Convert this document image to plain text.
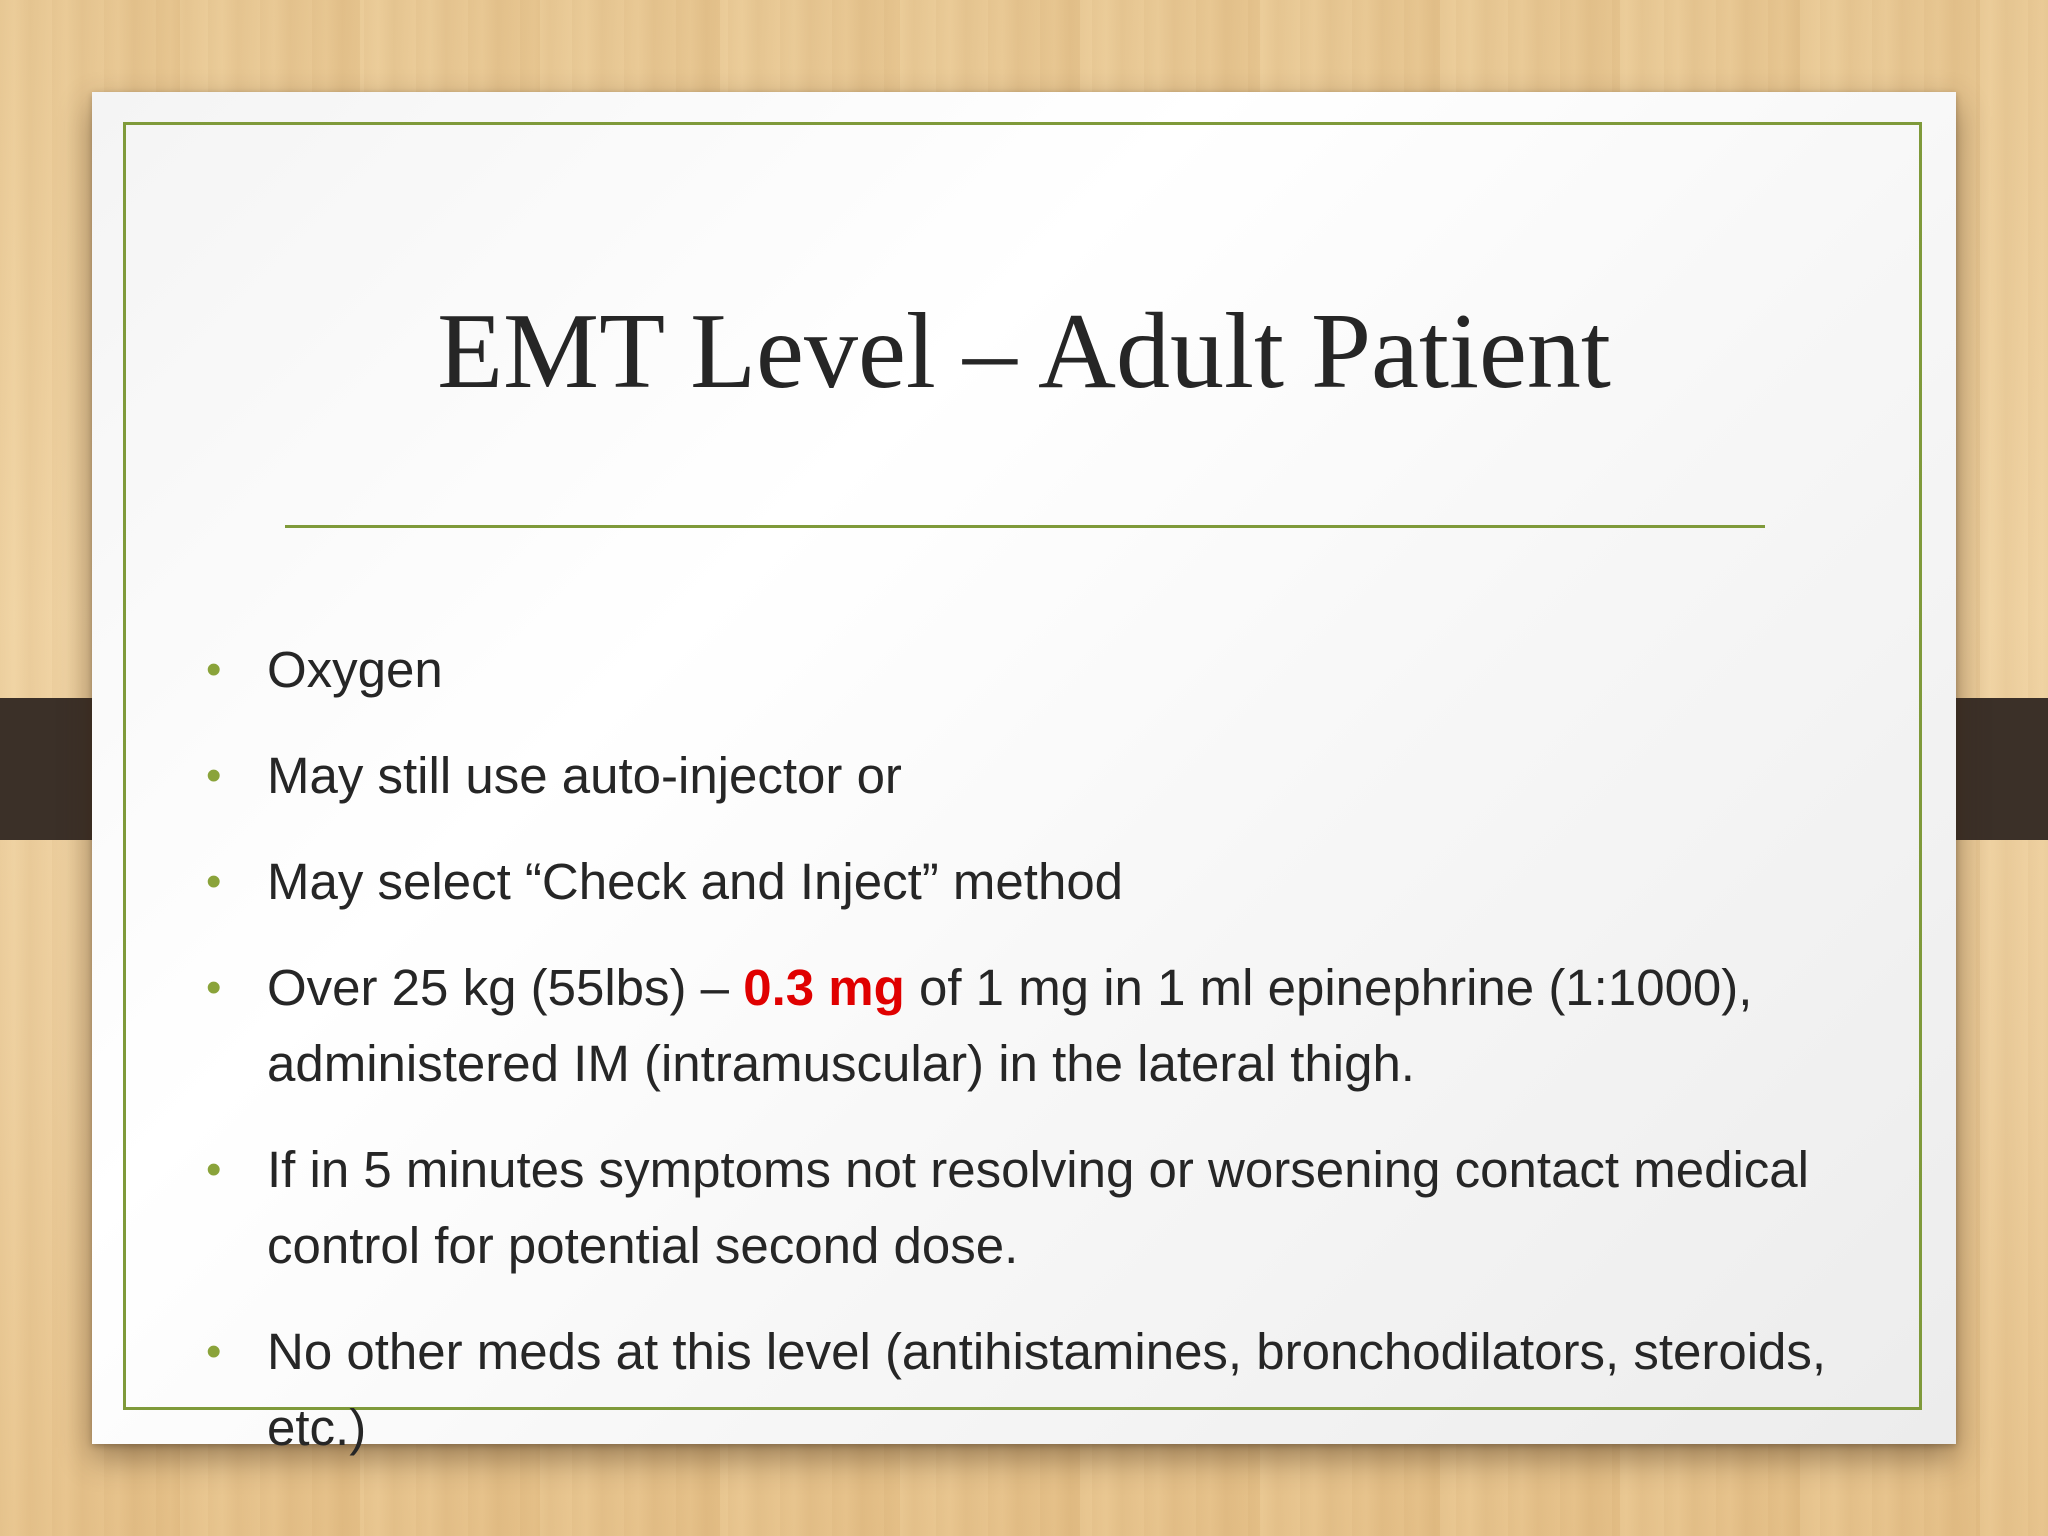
EMT Level – Adult Patient
• Oxygen
• May still use auto-injector or
• May select “Check and Inject” method
• Over 25 kg (55lbs) – 0.3 mg of 1 mg in 1 ml epinephrine (1:1000), administered IM (intramuscular) in the lateral thigh.
• If in 5 minutes symptoms not resolving or worsening contact medical control for potential second dose.
• No other meds at this level (antihistamines, bronchodilators, steroids, etc.)
